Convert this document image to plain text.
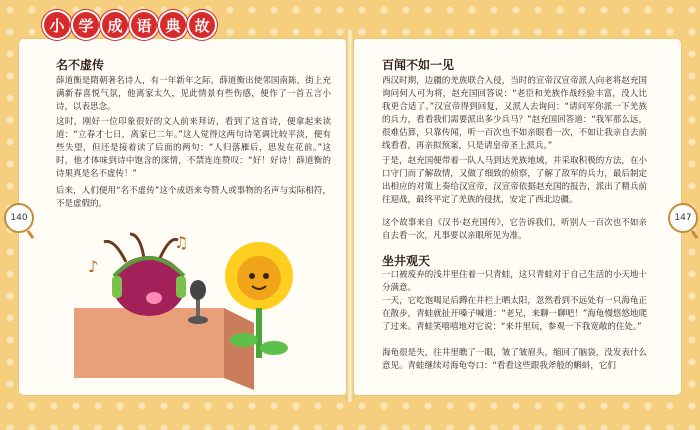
小 学 成 语 典 故
名不虚传

薛道衡是隋朝著名诗人，有一年新年之际，薛道衡出使邻国南陈，街上充满新春喜悦气氛，他离家太久，见此情景有些伤感，便作了一首五言小诗，以表思念。

这时，刚好一位印象很好的文人前来拜访，看到了这首诗，便拿起来读道：“立春才七日，离家已二年。”这人觉得这两句诗笔调比较平淡，便有些失望，但还是接着读了后面的两句：“人归落雁后，思发在花前。”这时，他才体味到诗中饱含的深情，不禁连连赞叹：“好！好诗！薛道衡的诗果真是名不虚传！”

后来，人们便用“名不虚传”这个成语来夸赞人或事物的名声与实际相符，不是虚假的。

140
♪
♫
百闻不如一见

西汉时期，边疆的羌族联合入侵，当时的宣帝汉宣帝派人向老将赵充国询问何人可为将，赵充国回答说：“老臣和羌族作战经验丰富，没人比我更合适了。”汉宣帝得到回复，又派人去询问：“请问军你派一下羌族的兵力，看看我们需要派出多少兵马？”赵充国回答道：“我军那么远，很难估算，只靠传闻，听一百次也不如亲眼看一次，不如让我亲自去前线看看，再亲拟预案，只是请皇帝圣上派兵。”

于是，赵充国便带着一队人马到达羌族地域，并采取积极的方法，在小口守门而了解敌情，又做了细致的侦察，了解了敌军的兵力，最后制定出相应的对策上奏给汉宣帝，汉宣帝依据赵充国的报告，派出了精兵前往迎战，最终平定了羌族的侵扰，安定了西北边疆。

这个故事来自《汉书·赵充国传》，它告诉我们，听别人一百次也不如亲自去看一次，凡事要以亲眼所见为准。

坐井观天

一口被废弃的浅井里住着一只青蛙，这只青蛙对于自己生活的小天地十分满意。

一天，它吃饱喝足后蹲在井栏上晒太阳，忽然看到不远处有一只海龟正在散步，青蛙就扯开嗓子喊道：“老兄，来聊一聊吧！”海龟慢悠悠地爬了过来。青蛙笑嘻嘻地对它说：“来井里玩，参观一下我宽敞的住处。”

海龟很是失，往井里瞧了一眼，皱了皱眉头，缩回了脑袋，没发表什么意见。青蛙继续对海龟夸口：“看看这些跟我斧般的蝌蚪，它们

147
